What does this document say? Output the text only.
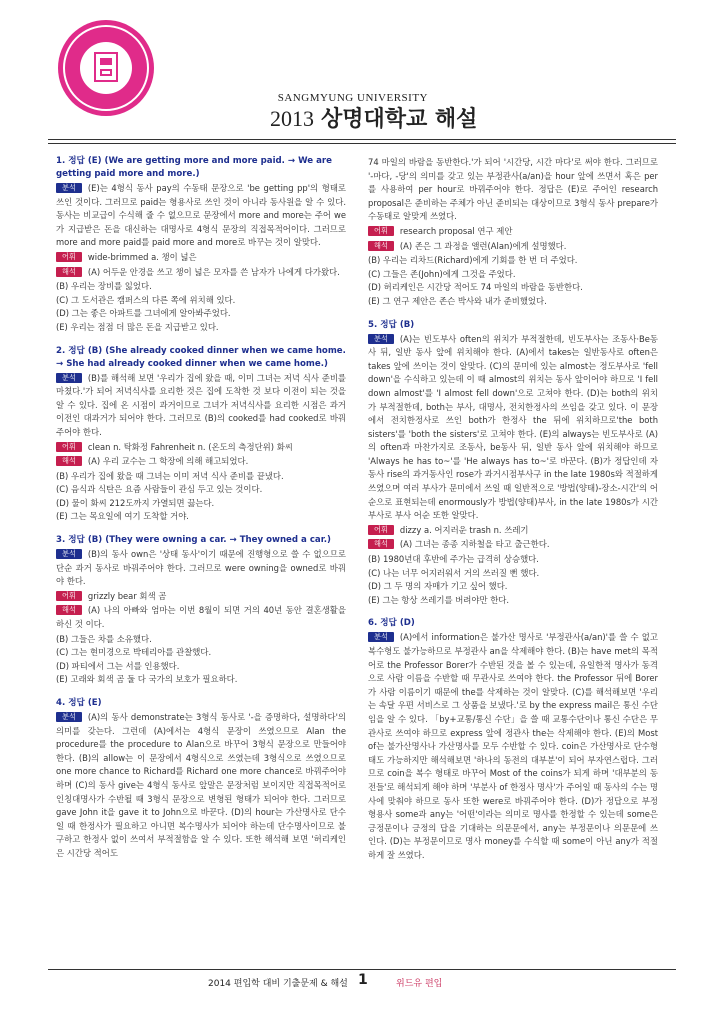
SANGMYUNG UNIVERSITY
2013 상명대학교 해설
1. 정답 (E) (We are getting more and more paid. → We are getting paid more and more.)
분석 (E)는 4형식 동사 pay의 수동태 문장으로 'be getting pp'의 형태로 쓰인 것이다. 그러므로 paid는 형용사로 쓰인 것이 아니라 동사원을 알 수 있다. 동사는 비교급이 수식해 줄 수 없으므로 문장에서 more and more는 주어 we가 지급받은 돈을 대신하는 대명사로 4형식 문장의 직접목적어이다. 그러므로 more and more paid를 paid more and more로 바꾸는 것이 알맞다.
어휘 wide-brimmed a. 챙이 넓은
해석 (A) 어두운 안경을 쓰고 챙이 넓은 모자를 쓴 남자가 나에게 다가왔다.
(B) 우리는 장비를 잃었다.
(C) 그 도서관은 캠퍼스의 다른 쪽에 위치해 있다.
(D) 그는 좋은 아파트를 그녀에게 알아봐주었다.
(E) 우리는 점점 더 많은 돈을 지급받고 있다.
2. 정답 (B) (She already cooked dinner when we came home. → She had already cooked dinner when we came home.)
분석 (B)를 해석해 보면 '우리가 집에 왔을 때, 이미 그녀는 저녁 식사 준비를 마쳤다.'가 되어 저녁식사를 요리한 것은 집에 도착한 것 보다 이전이 되는 것을 알 수 있다. 집에 온 시점이 과거이므로 그녀가 저녁식사를 요리한 시점은 과거 이전인 대과거가 되어야 한다. 그러므로 (B)의 cooked를 had cooked로 바꿔주어야 한다.
어휘 clean n. 탁화정 Fahrenheit n. (온도의 측정단위) 화씨
해석 (A) 우리 교수는 그 학장에 의해 해고되었다.
(B) 우리가 집에 왔을 때 그녀는 이미 저녁 식사 준비를 끝냈다.
(C) 음식과 식탄은 요즘 사람들이 관심 두고 있는 것이다.
(D) 물이 화씨 212도까지 가열되면 끓는다.
(E) 그는 목요일에 여기 도착할 거야.
3. 정답 (B) (They were owning a car. → They owned a car.)
분석 (B)의 동사 own은 '상태 동사'이기 때문에 진행형으로 쓸 수 없으므로 단순 과거 동사로 바꿔주어야 한다. 그러므로 were owning을 owned로 바꿔야 한다.
어휘 grizzly bear 회색 곰
해석 (A) 나의 아빠와 엄마는 이번 8월이 되면 거의 40년 동안 결혼생활을 하신 것 이다.
(B) 그들은 차를 소유했다.
(C) 그는 현미경으로 박테리아를 관찰했다.
(D) 파티에서 그는 서를 인용했다.
(E) 고래와 회색 곰 둘 다 국가의 보호가 필요하다.
4. 정답 (E)
분석 (A)의 동사 demonstrate는 3형식 동사로 '-을 증명하다, 설명하다'의 의미를 갖는다. 그런데 (A)에서는 4형식 문장이 쓰였으므로 Alan the procedure를 the procedure to Alan으로 바꾸어 3형식 문장으로 만들어야 한다. (B)의 allow는 이 문장에서 4형식으로 쓰였는데 3형식으로 쓰였으므로 one more chance to Richard를 Richard one more chance로 바꿔주어야 하며 (C)의 동사 give는 4형식 동사로 앞말은 문장처럼 보이지만 직접목적어로 인칭대명사가 수반될 때 3형식 문장으로 변형된 형태가 되어야 한다. 그러므로 gave John it을 gave it to John으로 바꾼다. (D)의 hour는 가산명사로 단수일 때 한정사가 필요하고 아니면 복수명사가 되어야 하는데 단수명사이므로 불구하고 한정사 없이 쓰여서 부적절함을 알 수 있다. 또한 해석해 보면 '허리케인은 시간당 적어도
74 마일의 바람을 동반한다.'가 되어 '시간당, 시간 마다'로 써야 한다. 그러므로 '-마다, -당'의 의미를 갖고 있는 부정관사(a/an)을 hour 앞에 쓰면서 혹은 per를 사용하여 per hour로 바꿔주어야 한다. 정답은 (E)로 주어인 research proposal은 준비하는 주체가 아닌 준비되는 대상이므로 3형식 동사 prepare가 수동태로 알맞게 쓰였다.
어휘 research proposal 연구 제안
해석 (A) 존은 그 과정을 앨런(Alan)에게 설명했다.
(B) 우리는 리차드(Richard)에게 기회를 한 번 더 주었다.
(C) 그들은 존(John)에게 그것을 주었다.
(D) 허리케인은 시간당 적어도 74 마일의 바람을 동반한다.
(E) 그 연구 제안은 존슨 박사와 내가 준비했었다.
5. 정답 (B)
분석 (A)는 빈도부사 often의 위치가 부적절한데, 빈도부사는 조동사·Be동사 뒤, 일반 동사 앞에 위치해야 한다. (A)에서 takes는 일반동사로 often은 takes 앞에 쓰이는 것이 알맞다. (C)의 문미에 있는 almost는 정도부사로 'fell down'을 수식하고 있는데 이 때 almost의 위치는 동사 앞이어야 하므로 'I fell down almost'를 'I almost fell down'으로 고쳐야 한다. (D)는 both의 위치가 부적절한데, both는 부사, 대명사, 전치한정사의 쓰임을 갖고 있다. 이 문장에서 전치한정사로 쓰인 both가 한정사 the 뒤에 위치하므로'the both sisters'를 'both the sisters'로 고쳐야 한다. (E)의 always는 빈도부사로 (A)의 often과 마찬가지로 조동사, be동사 뒤, 일반 동사 앞에 위치해야 하므로 'Always he has to~'를 'He always has to~'로 바꾼다. (B)가 정답인데 자동사 rise의 과거동사인 rose가 과거시점부사구 in the late 1980s와 적절하게 쓰였으며 여러 부사가 문미에서 쓰일 때 일반적으로 '방법(양태)-장소-시간'의 어순으로 표현되는데 enormously가 방법(양태)부사, in the late 1980s가 시간부사로 부사 어순 또한 알맞다.
어휘 dizzy a. 어지러운 trash n. 쓰레기
해석 (A) 그녀는 종종 지하철을 타고 출근한다.
(B) 1980년대 후반에 주가는 급격히 상승했다.
(C) 나는 너무 어지러워서 거의 쓰러질 뻔 했다.
(D) 그 두 명의 자매가 기고 싶어 했다.
(E) 그는 항상 쓰레기를 버려야만 한다.
6. 정답 (D)
분석 (A)에서 information은 불가산 명사로 '부정관사(a/an)'를 쓸 수 없고 복수형도 불가능하므로 부정관사 an을 삭제해야 한다. (B)는 have met의 목적어로 the Professor Borer가 수반된 것을 볼 수 있는데, 유일한적 명사가 동격으로 사람 이름을 수반할 때 무관사로 쓰여야 한다. the Professor 뒤에 Borer가 사람 이름이기 때문에 the를 삭제하는 것이 알맞다. (C)를 해석해보면 '우리는 속달 우편 서비스로 그 상품을 보냈다.'로 by the express mail은 통신 수단임을 알 수 있다. 「by+교통/통신 수단」을 쓸 때 교통수단이나 통신 수단은 무관사로 쓰여야 하므로 express 앞에 정관사 the는 삭제해야 한다. (E)의 Most of는 불가산명사나 가산명사를 모두 수반할 수 있다. coin은 가산명사로 단수형태도 가능하지만 해석해보면 '하나의 동전의 대부분'이 되어 부자연스럽다. 그러므로 coin을 복수 형태로 바꾸어 Most of the coins가 되게 하며 '대부분의 동전들'로 해석되게 해야 하며 '부분사 of 한정사 명사'가 주어일 때 동사의 수는 명사에 맞춰야 하므로 동사 또한 were로 바꿔주어야 한다. (D)가 정답으로 부정 형용사 some과 any는 '어떤'이라는 의미로 명사를 한정할 수 있는데 some은 긍정문이나 긍정의 답을 기대하는 의문문에서, any는 부정문이나 의문문에 쓰인다. (D)는 부정문이므로 명사 money를 수식할 때 some이 아닌 any가 적절하게 잘 쓰였다.
2014 편입학 대비 기출문제 & 해설 1	위드유 편입
